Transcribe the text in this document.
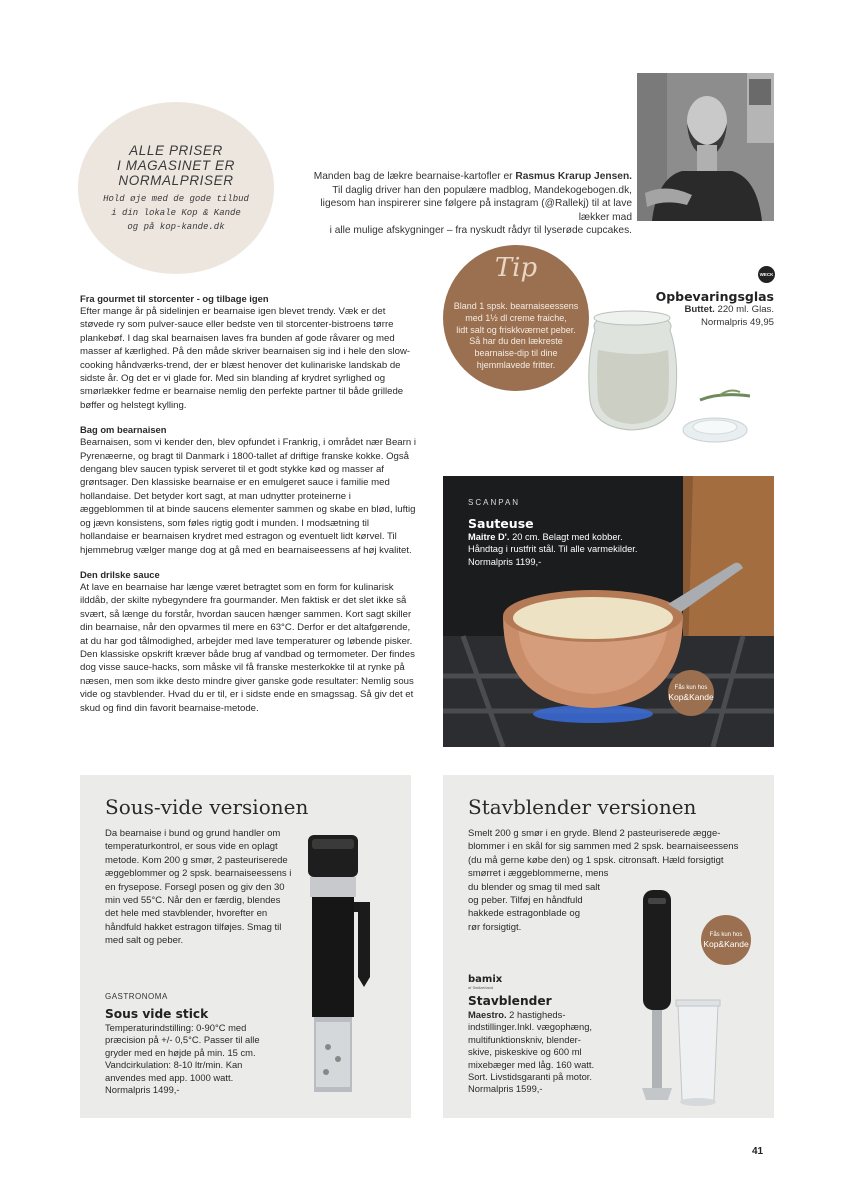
ALLE PRISER
I MAGASINET ER
NORMALPRISER
Hold øje med de gode tilbud
i din lokale Kop & Kande
og på kop-kande.dk
Manden bag de lækre bearnaise-kartofler er Rasmus Krarup Jensen.
Til daglig driver han den populære madblog, Mandekogebogen.dk,
ligesom han inspirerer sine følgere på instagram (@Rallekj) til at lave lækker mad
i alle mulige afskygninger – fra nyskudt rådyr til lyserøde cupcakes.
Fra gourmet til storcenter - og tilbage igen

Efter mange år på sidelinjen er bearnaise igen blevet trendy. Væk er det støvede ry som pulver-sauce eller bedste ven til storcenter-bistroens tørre plankebøf. I dag skal bearnaisen laves fra bunden af gode råvarer og med masser af kærlighed. På den måde skriver bearnaisen sig ind i hele den slow-cooking håndværks-trend, der er blæst henover det kulinariske landskab de sidste år. Og det er vi glade for. Med sin blanding af krydret syrlighed og smørlækker fedme er bearnaise nemlig den perfekte partner til både grillede bøffer og helstegt kylling.

Bag om bearnaisen

Bearnaisen, som vi kender den, blev opfundet i Frankrig, i området nær Bearn i Pyrenæerne, og bragt til Danmark i 1800-tallet af driftige franske kokke. Også dengang blev saucen typisk serveret til et godt stykke kød og masser af grøntsager. Den klassiske bearnaise er en emulgeret sauce i familie med hollandaise. Det betyder kort sagt, at man udnytter proteinerne i æggeblommen til at binde saucens elementer sammen og skabe en blød, luftig og jævn konsistens, som føles rigtig godt i munden. I modsætning til hollandaise er bearnaisen krydret med estragon og eventuelt lidt kørvel. Til hjemmebrug vælger mange dog at gå med en bearnaiseessens af høj kvalitet.

Den drilske sauce

At lave en bearnaise har længe været betragtet som en form for kulinarisk ilddåb, der skilte nybegyndere fra gourmander. Men faktisk er det slet ikke så svært, så længe du forstår, hvordan saucen hænger sammen. Kort sagt skiller din bearnaise, når den opvarmes til mere en 63°C. Derfor er det altafgørende, at du har god tålmodighed, arbejder med lave temperaturer og løbende pisker. Den klassiske opskrift kræver både brug af vandbad og termometer. Der findes dog visse sauce-hacks, som måske vil få franske mesterkokke til at rynke på næsen, men som ikke desto mindre giver ganske gode resultater: Nemlig sous vide og stavblender. Hvad du er til, er i sidste ende en smagssag. Så giv det et skud og find din favorit bearnaise-metode.

Tip
Bland 1 spsk. bearnaiseessens
med 1½ dl creme fraiche,
lidt salt og friskkværnet peber.
Så har du den lækreste
bearnaise-dip til dine
hjemmlavede fritter.
WECK
Opbevaringsglas
Buttet. 220 ml. Glas.
Normalpris 49,95
SCANPAN
Sauteuse
Maitre D'. 20 cm. Belagt med kobber.
Håndtag i rustfrit stål. Til alle varmekilder.
Normalpris 1199,-
Fås kun hos
Kop&Kande
Sous-vide versionen
Da bearnaise i bund og grund handler om temperaturkontrol, er sous vide en oplagt metode. Kom 200 g smør, 2 pasteuriserede æggeblommer og 2 spsk. bearnaiseessens i en frysepose. Forsegl posen og giv den 30 min ved 55°C. Når den er færdig, blendes det hele med stavblender, hvorefter en håndfuld hakket estragon tilføjes. Smag til med salt og peber.
GASTRONOMA
Sous vide stick
Temperaturindstilling: 0-90°C med
præcision på +/- 0,5°C. Passer til alle
gryder med en højde på min. 15 cm.
Vandcirkulation: 8-10 ltr/min. Kan
anvendes med app. 1000 watt.
Normalpris 1499,-
Stavblender versionen
Smelt 200 g smør i en gryde. Blend 2 pasteuriserede ægge-
blommer i en skål for sig sammen med 2 spsk. bearnaiseessens
(du må gerne købe den) og 1 spsk. citronsaft. Hæld forsigtigt
smørret i æggeblommerne, mens
du blender og smag til med salt
og peber. Tilføj en håndfuld
hakkede estragonblade og
rør forsigtigt.
bamix
of Switzerland
Stavblender
Maestro. 2 hastigheds-
indstillinger.Inkl. vægophæng,
multifunktionskniv, blender-
skive, piskeskive og 600 ml
mixebæger med låg. 160 watt.
Sort. Livstidsgaranti på motor.
Normalpris 1599,-
Fås kun hos
Kop&Kande
41
